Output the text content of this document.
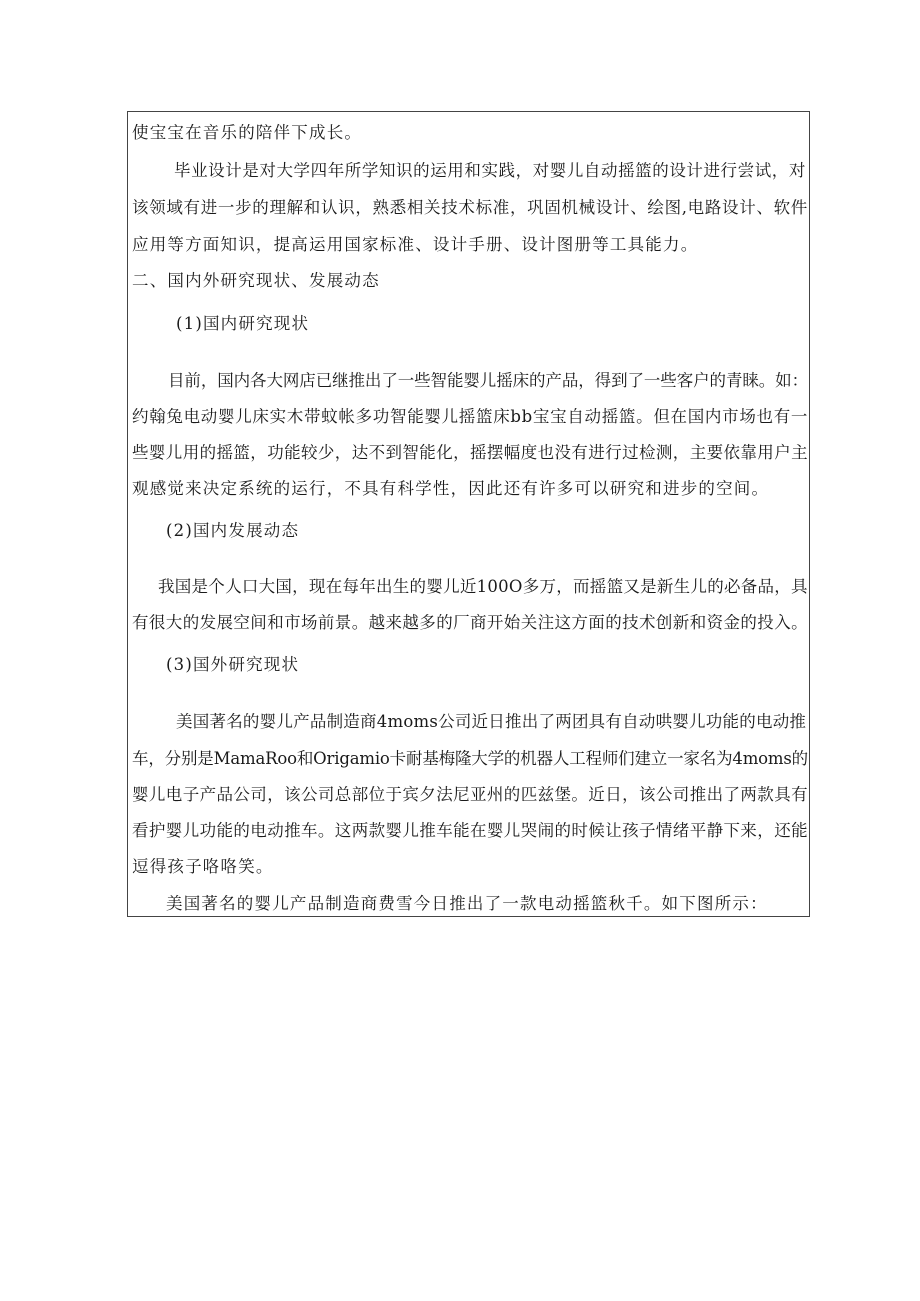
使宝宝在音乐的陪伴下成长。
毕业设计是对大学四年所学知识的运用和实践，对婴儿自动摇篮的设计进行尝试，对
该领域有进一步的理解和认识，熟悉相关技术标准，巩固机械设计、绘图,电路设计、软件
应用等方面知识，提高运用国家标准、设计手册、设计图册等工具能力。
二、国内外研究现状、发展动态
(1)国内研究现状
目前，国内各大网店已继推出了一些智能婴儿摇床的产品，得到了一些客户的青睐。如：
约翰兔电动婴儿床实木带蚊帐多功智能婴儿摇篮床bb宝宝自动摇篮。但在国内市场也有一
些婴儿用的摇篮，功能较少，达不到智能化，摇摆幅度也没有进行过检测，主要依靠用户主
观感觉来决定系统的运行，不具有科学性，因此还有许多可以研究和进步的空间。
(2)国内发展动态
我国是个人口大国，现在每年出生的婴儿近100O多万，而摇篮又是新生儿的必备品，具
有很大的发展空间和市场前景。越来越多的厂商开始关注这方面的技术创新和资金的投入。
(3)国外研究现状
美国著名的婴儿产品制造商4moms公司近日推出了两团具有自动哄婴儿功能的电动推
车，分别是MamaRoo和Origamio卡耐基梅隆大学的机器人工程师们建立一家名为4moms的
婴儿电子产品公司，该公司总部位于宾夕法尼亚州的匹兹堡。近日，该公司推出了两款具有
看护婴儿功能的电动推车。这两款婴儿推车能在婴儿哭闹的时候让孩子情绪平静下来，还能
逗得孩子咯咯笑。
美国著名的婴儿产品制造商费雪今日推出了一款电动摇篮秋千。如下图所示：
